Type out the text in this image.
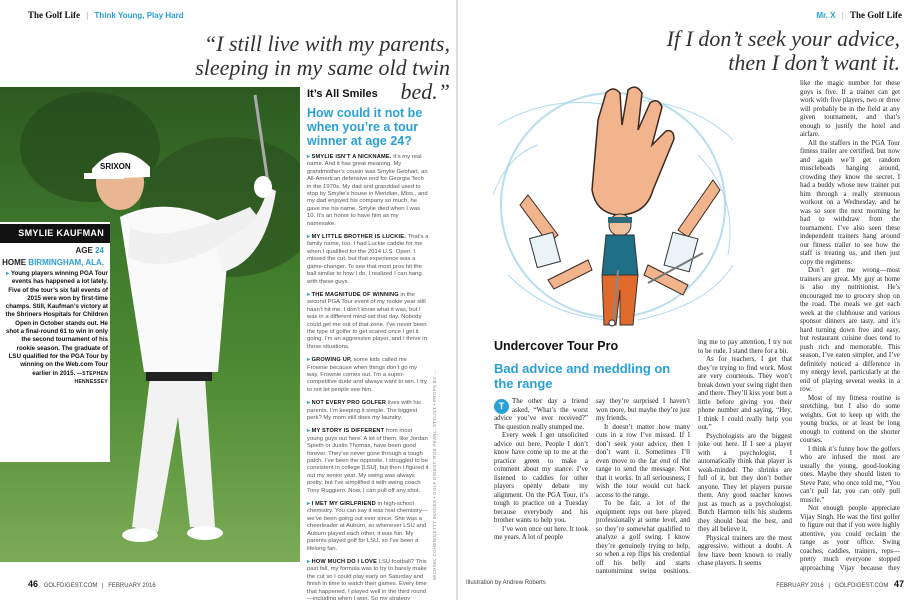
The Golf Life | Think Young, Play Hard
“I still live with my parents, sleeping in my same old twin bed.”
SRIXON
SMYLIE KAUFMAN
AGE 24
HOME BIRMINGHAM, ALA.
▸ Young players winning PGA Tour events has happened a lot lately. Five of the tour’s six fall events of 2015 were won by first-time champs. Still, Kaufman’s victory at the Shriners Hospitals for Children Open in October stands out. He shot a final-round 61 to win in only the second tournament of his rookie season. The graduate of LSU qualified for the PGA Tour by winning on the Web.com Tour earlier in 2015. —STEPHEN HENNESSEY
It’s All Smiles
How could it not be when you’re a tour winner at age 24?
▸ SMYLIE ISN’T A NICKNAME. It’s my real name. And it has great meaning. My grandmother’s cousin was Smylie Gebhart, an All-American defensive end for Georgia Tech in the 1970s. My dad and granddad used to stop by Smylie’s house in Meridian, Miss., and my dad enjoyed his company so much, he gave me his name. Smylie died when I was 10. It’s an honor to have him as my namesake.
▸ MY LITTLE BROTHER IS LUCKIE. That’s a family name, too. I had Luckie caddie for me when I qualified for the 2014 U.S. Open. I missed the cut, but that experience was a game-changer. To see that most pros hit the ball similar to how I do, I realized I can hang with these guys.
▸ THE MAGNITUDE OF WINNING in the second PGA Tour event of my rookie year still hasn’t hit me. I don’t know what it was, but I was in a different mind-set that day. Nobody could get me out of that zone. I’ve never been the type of golfer to get scared once I get it going. I’m an aggressive player, and I thrive in those situations.
▸ GROWING UP, some kids called me Frownie because when things don’t go my way, Frownie comes out. I’m a super-competitive dude and always want to win. I try to not let people see him.
▸ NOT EVERY PRO GOLFER lives with his parents. I’m keeping it simple. The biggest perk? My mom still does my laundry.
▸ MY STORY IS DIFFERENT from most young guys out here. A lot of them, like Jordan Spieth or Justin Thomas, have been good forever. They’ve never gone through a tough patch. I’ve been the opposite. I struggled to be consistent in college [LSU], but then I figured it out my senior year. My swing was always pretty, but I’ve simplified it with swing coach Tony Ruggiero. Now, I can pull off any shot.
▸ I MET MY GIRLFRIEND in high-school chemistry. You can say it was real chemistry—we’ve been going out ever since. She was a cheerleader at Auburn, so whenever LSU and Auburn played each other, it was fun. My parents played golf for LSU, so I’ve been a lifelong fan.
▸ HOW MUCH DO I LOVE LSU football? This past fall, my formula was to try to barely make the cut so I could play early on Saturday and finish in time to watch their games. Every time that happened, I played well in the third round—including when I won. So my strategy
MICHAEL COHEN/GETTY IMAGES • GOLF DIGEST: ROB PEARL, STYLIST • PROPS BY ...
46 GOLFDIGEST.COM | FEBRUARY 2016
Mr. X | The Golf Life
If I don’t seek your advice, then I don’t want it.
Undercover Tour Pro
Bad advice and meddling on the range
T	The other day a friend asked, “What’s the worst advice you’ve ever received?” The question really stumped me.

Every week I get unsolicited advice out here. People I don’t know have come up to me at the practice green to make a comment about my stance. I’ve listened to caddies for other players openly debate my alignment. On the PGA Tour, it’s tough to practice on a Tuesday because everybody and his brother wants to help you.

I’ve won once out here. It took me years. A lot of people

say they’re surprised I haven’t won more, but maybe they’re just my friends.

It doesn’t matter how many cuts in a row I’ve missed. If I don’t seek your advice, then I don’t want it. Sometimes I’ll even move to the far end of the range to send the message. Not that it works. In all seriousness, I wish the tour would cut back access to the range.

To be fair, a lot of the equipment reps out here played professionally at some level, and so they’re somewhat qualified to analyze a golf swing. I know they’re genuinely trying to help, so when a rep flips his credential off his belly and starts pantomiming swing positions,

ing me to pay attention, I try not to be rude. I stand there for a bit.

As for teachers, I get that they’re trying to find work. Most are very courteous. They won’t break down your swing right then and there. They’ll kiss your butt a little before giving you their phone number and saying, “Hey, I think I could really help you out.”

Psychologists are the biggest joke out here. If I see a player with a psychologist, I automatically think that player is weak-minded. The shrinks are full of it, but they don’t bother anyone. They let players pursue them. Any good teacher knows just as much as a psychologist. Butch Harmon tells his students they should beat the best, and they all believe it.

Physical trainers are the most aggressive, without a doubt. A few have been known to really chase players. It seems

like the magic number for these guys is five. If a trainer can get work with five players, two or three will probably be in the field at any given tournament, and that’s enough to justify the hotel and airfare.

All the staffers in the PGA Tour fitness trailer are certified, but now and again we’ll get random muscleheads hanging around, crowding they know the secret. I had a buddy whose new trainer put him through a really strenuous workout on a Wednesday, and he was so sore the next morning he had to withdraw from the tournament. I’ve also seen these independent trainers hang around our fitness trailer to see how the staff is treating us, and then just copy the regimens.

Don’t get me wrong—most trainers are great. My guy at home is also my nutritionist. He’s encouraged me to grocery shop on the road. The meals we get each week at the clubhouse and various sponsor dinners are tasty, and it’s hard turning down free and easy, but restaurant cuisine does tend to push rich and memorable. This season, I’ve eaten simpler, and I’ve definitely noticed a difference in my energy level, particularly at the end of playing several weeks in a row.

Most of my fitness routine is stretching, but I also do some weights. Got to keep up with the young bucks, or at least be long enough to contend on the shorter courses.

I think it’s funny how the golfers who are infused the most are usually the young, good-looking ones. Maybe they should listen to Steve Pate, who once told me, “You can’t pull fat, you can only pull muscle.”

Not enough people appreciate Vijay Singh. He was the first golfer to figure out that if you were highly attentive, you could reclaim the range as your office. Swing coaches, caddies, trainers, reps—pretty much everyone stopped approaching Vijay because they

Illustration by Andrew Roberts	FEBRUARY 2016 | GOLFDIGEST.COM 47
